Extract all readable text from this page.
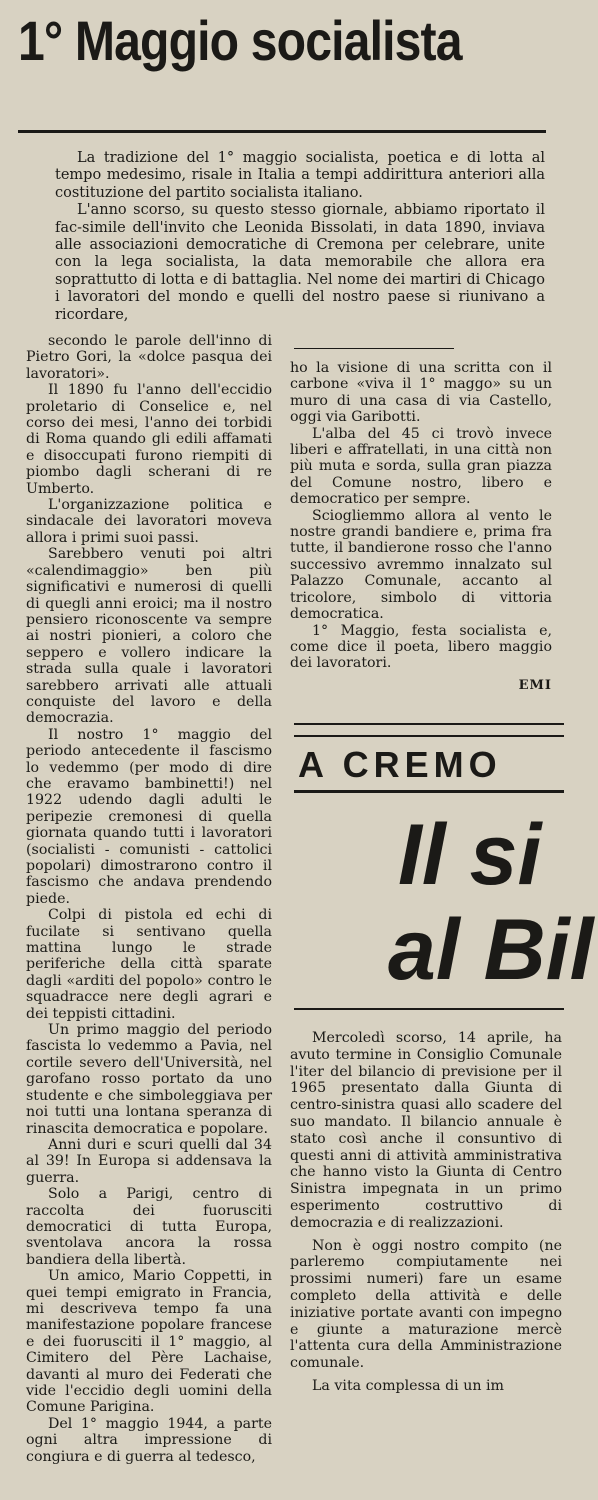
1° Maggio socialista

La tradizione del 1° maggio socialista, poetica e di lotta al tempo medesimo, risale in Italia a tempi addirittura anteriori alla costituzione del partito socialista italiano.

L'anno scorso, su questo stesso giornale, abbiamo riportato il fac-simile dell'invito che Leonida Bissolati, in data 1890, inviava alle associazioni democratiche di Cremona per celebrare, unite con la lega socialista, la data memorabile che allora era soprattutto di lotta e di battaglia. Nel nome dei martiri di Chicago i lavoratori del mondo e quelli del nostro paese si riunivano a ricordare,

secondo le parole dell'inno di Pietro Gori, la «dolce pasqua dei lavoratori».

Il 1890 fu l'anno dell'eccidio proletario di Conselice e, nel corso dei mesi, l'anno dei torbidi di Roma quando gli edili affamati e disoccupati furono riempiti di piombo dagli scherani di re Umberto.

L'organizzazione politica e sindacale dei lavoratori moveva allora i primi suoi passi.

Sarebbero venuti poi altri «calendimaggio» ben più significativi e numerosi di quelli di quegli anni eroici; ma il nostro pensiero riconoscente va sempre ai nostri pionieri, a coloro che seppero e vollero indicare la strada sulla quale i lavoratori sarebbero arrivati alle attuali conquiste del lavoro e della democrazia.

Il nostro 1° maggio del periodo antecedente il fascismo lo vedemmo (per modo di dire che eravamo bambinetti!) nel 1922 udendo dagli adulti le peripezie cremonesi di quella giornata quando tutti i lavoratori (socialisti - comunisti - cattolici popolari) dimostrarono contro il fascismo che andava prendendo piede.

Colpi di pistola ed echi di fucilate si sentivano quella mattina lungo le strade periferiche della città sparate dagli «arditi del popolo» contro le squadracce nere degli agrari e dei teppisti cittadini.

Un primo maggio del periodo fascista lo vedemmo a Pavia, nel cortile severo dell'Università, nel garofano rosso portato da uno studente e che simboleggiava per noi tutti una lontana speranza di rinascita democratica e popolare.

Anni duri e scuri quelli dal 34 al 39! In Europa si addensava la guerra.

Solo a Parigi, centro di raccolta dei fuorusciti democratici di tutta Europa, sventolava ancora la rossa bandiera della libertà.

Un amico, Mario Coppetti, in quei tempi emigrato in Francia, mi descriveva tempo fa una manifestazione popolare francese e dei fuorusciti il 1° maggio, al Cimitero del Père Lachaise, davanti al muro dei Federati che vide l'eccidio degli uomini della Comune Parigina.

Del 1° maggio 1944, a parte ogni altra impressione di congiura e di guerra al tedesco,

ho la visione di una scritta con il carbone «viva il 1° maggo» su un muro di una casa di via Castello, oggi via Garibotti.

L'alba del 45 ci trovò invece liberi e affratellati, in una città non più muta e sorda, sulla gran piazza del Comune nostro, libero e democratico per sempre.

Sciogliemmo allora al vento le nostre grandi bandiere e, prima fra tutte, il bandierone rosso che l'anno successivo avremmo innalzato sul Palazzo Comunale, accanto al tricolore, simbolo di vittoria democratica.

1° Maggio, festa socialista e, come dice il poeta, libero maggio dei lavoratori.

EMI
A CREMO
Il si
al Bil

Mercoledì scorso, 14 aprile, ha avuto termine in Consiglio Comunale l'iter del bilancio di previsione per il 1965 presentato dalla Giunta di centro-sinistra quasi allo scadere del suo mandato. Il bilancio annuale è stato così anche il consuntivo di questi anni di attività amministrativa che hanno visto la Giunta di Centro Sinistra impegnata in un primo esperimento costruttivo di democrazia e di realizzazioni.

Non è oggi nostro compito (ne parleremo compiutamente nei prossimi numeri) fare un esame completo della attività e delle iniziative portate avanti con impegno e giunte a maturazione mercè l'attenta cura della Amministrazione comunale.

La vita complessa di un im
